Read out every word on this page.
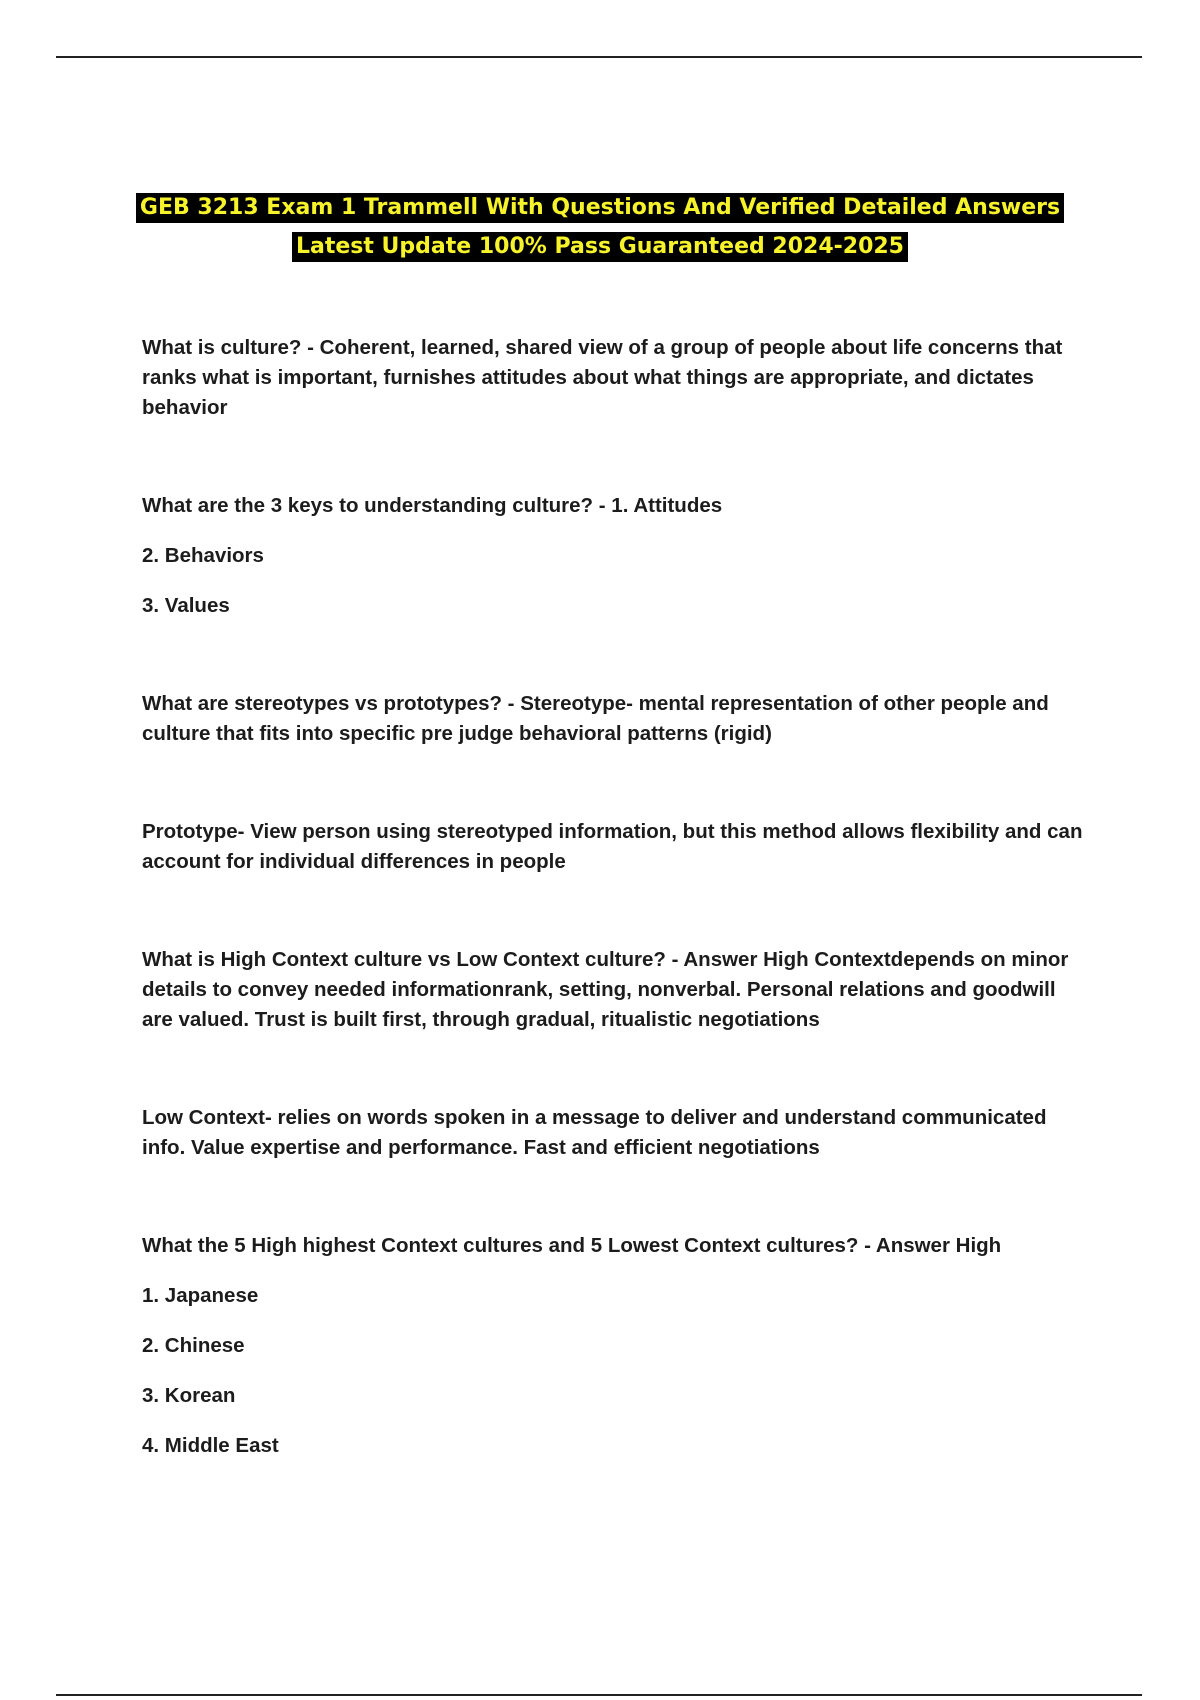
GEB 3213 Exam 1 Trammell With Questions And Verified Detailed Answers
Latest Update 100% Pass Guaranteed 2024-2025

What is culture? - Coherent, learned, shared view of a group of people about life concerns that ranks what is important, furnishes attitudes about what things are appropriate, and dictates behavior

What are the 3 keys to understanding culture? - 1. Attitudes

2. Behaviors

3. Values

What are stereotypes vs prototypes? - Stereotype- mental representation of other people and culture that fits into specific pre judge behavioral patterns (rigid)

Prototype- View person using stereotyped information, but this method allows flexibility and can account for individual differences in people

What is High Context culture vs Low Context culture? - Answer High Contextdepends on minor details to convey needed informationrank, setting, nonverbal. Personal relations and goodwill are valued. Trust is built first, through gradual, ritualistic negotiations

Low Context- relies on words spoken in a message to deliver and understand communicated info. Value expertise and performance. Fast and efficient negotiations

What the 5 High highest Context cultures and 5 Lowest Context cultures? - Answer High

1. Japanese

2. Chinese

3. Korean

4. Middle East
